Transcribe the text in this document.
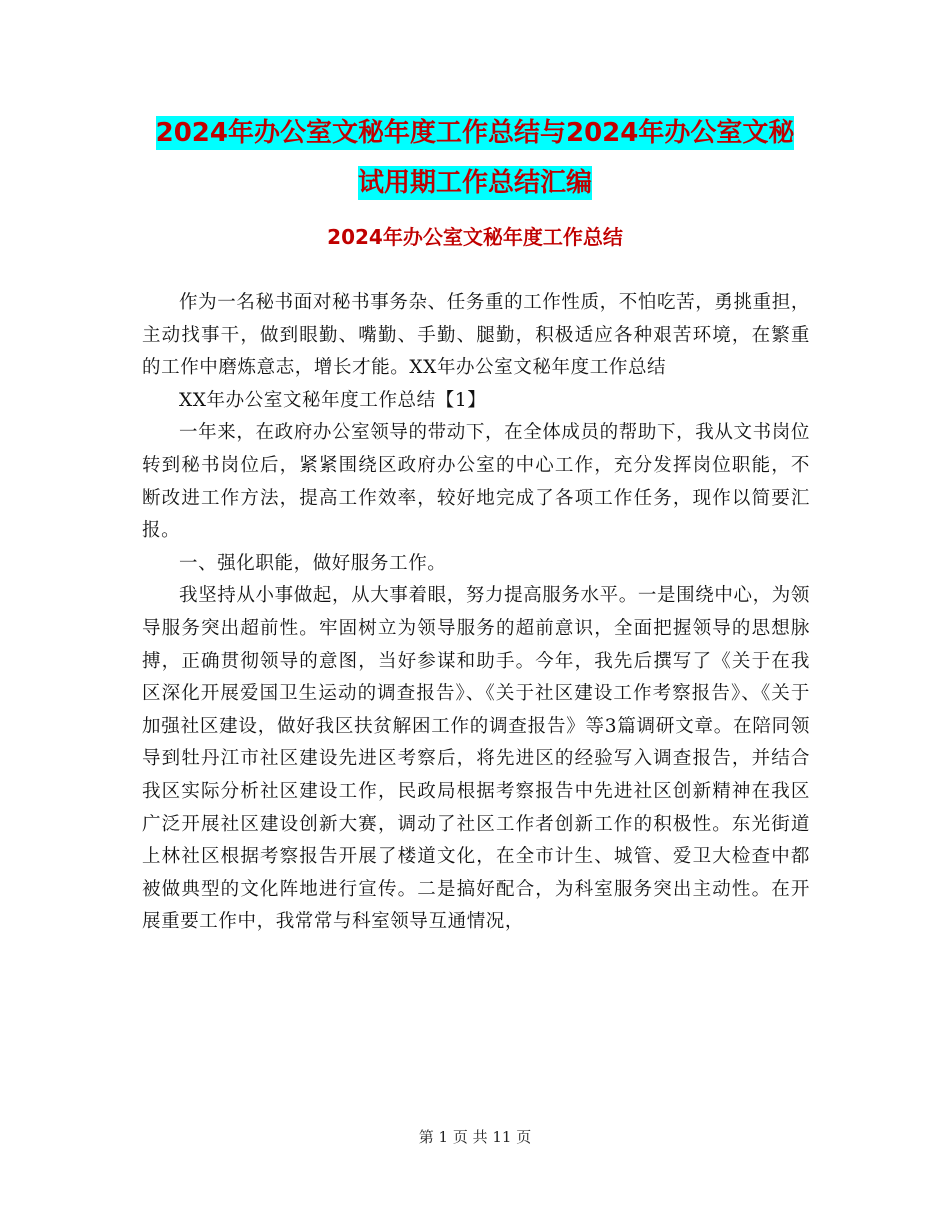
2024年办公室文秘年度工作总结与2024年办公室文秘
试用期工作总结汇编
2024年办公室文秘年度工作总结

作为一名秘书面对秘书事务杂、任务重的工作性质，不怕吃苦，勇挑重担，主动找事干，做到眼勤、嘴勤、手勤、腿勤，积极适应各种艰苦环境，在繁重的工作中磨炼意志，增长才能。XX年办公室文秘年度工作总结

XX年办公室文秘年度工作总结【1】

一年来，在政府办公室领导的带动下，在全体成员的帮助下，我从文书岗位转到秘书岗位后，紧紧围绕区政府办公室的中心工作，充分发挥岗位职能，不断改进工作方法，提高工作效率，较好地完成了各项工作任务，现作以简要汇报。

一、强化职能，做好服务工作。

我坚持从小事做起，从大事着眼，努力提高服务水平。一是围绕中心，为领导服务突出超前性。牢固树立为领导服务的超前意识，全面把握领导的思想脉搏，正确贯彻领导的意图，当好参谋和助手。今年，我先后撰写了《关于在我区深化开展爱国卫生运动的调查报告》、《关于社区建设工作考察报告》、《关于加强社区建设，做好我区扶贫解困工作的调查报告》等3篇调研文章。在陪同领导到牡丹江市社区建设先进区考察后，将先进区的经验写入调查报告，并结合我区实际分析社区建设工作，民政局根据考察报告中先进社区创新精神在我区广泛开展社区建设创新大赛，调动了社区工作者创新工作的积极性。东光街道上林社区根据考察报告开展了楼道文化，在全市计生、城管、爱卫大检查中都被做典型的文化阵地进行宣传。二是搞好配合，为科室服务突出主动性。在开展重要工作中，我常常与科室领导互通情况，

第 1 页 共 11 页
